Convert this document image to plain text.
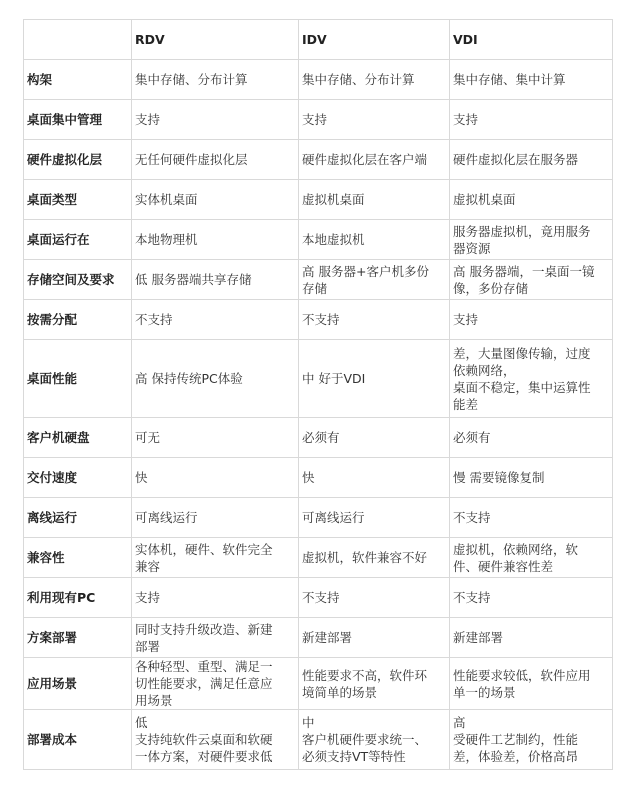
	RDV	IDV	VDI

构架	集中存储、分布计算	集中存储、分布计算	集中存储、集中计算

桌面集中管理	支持	支持	支持

硬件虚拟化层	无任何硬件虚拟化层	硬件虚拟化层在客户端	硬件虚拟化层在服务器

桌面类型	实体机桌面	虚拟机桌面	虚拟机桌面

桌面运行在	本地物理机	本地虚拟机	服务器虚拟机，竟用服务
器资源

存储空间及要求	低 服务器端共享存储	高 服务器+客户机多份
存储	高 服务器端，一桌面一镜
像，多份存储

按需分配	不支持	不支持	支持

桌面性能	高 保持传统PC体验	中 好于VDI	差，大量图像传输，过度
依赖网络，
桌面不稳定，集中运算性
能差

客户机硬盘	可无	必须有	必须有

交付速度	快	快	慢 需要镜像复制

离线运行	可离线运行	可离线运行	不支持

兼容性	实体机，硬件、软件完全
兼容	虚拟机，软件兼容不好	虚拟机，依赖网络，软
件、硬件兼容性差

利用现有PC	支持	不支持	不支持

方案部署	同时支持升级改造、新建
部署	新建部署	新建部署

应用场景	各种轻型、重型、满足一
切性能要求，满足任意应
用场景	性能要求不高，软件环
境简单的场景	性能要求较低，软件应用
单一的场景

部署成本	低
支持纯软件云桌面和软硬
一体方案，对硬件要求低	中
客户机硬件要求统一、
必须支持VT等特性	高
受硬件工艺制约，性能
差，体验差，价格高昂
